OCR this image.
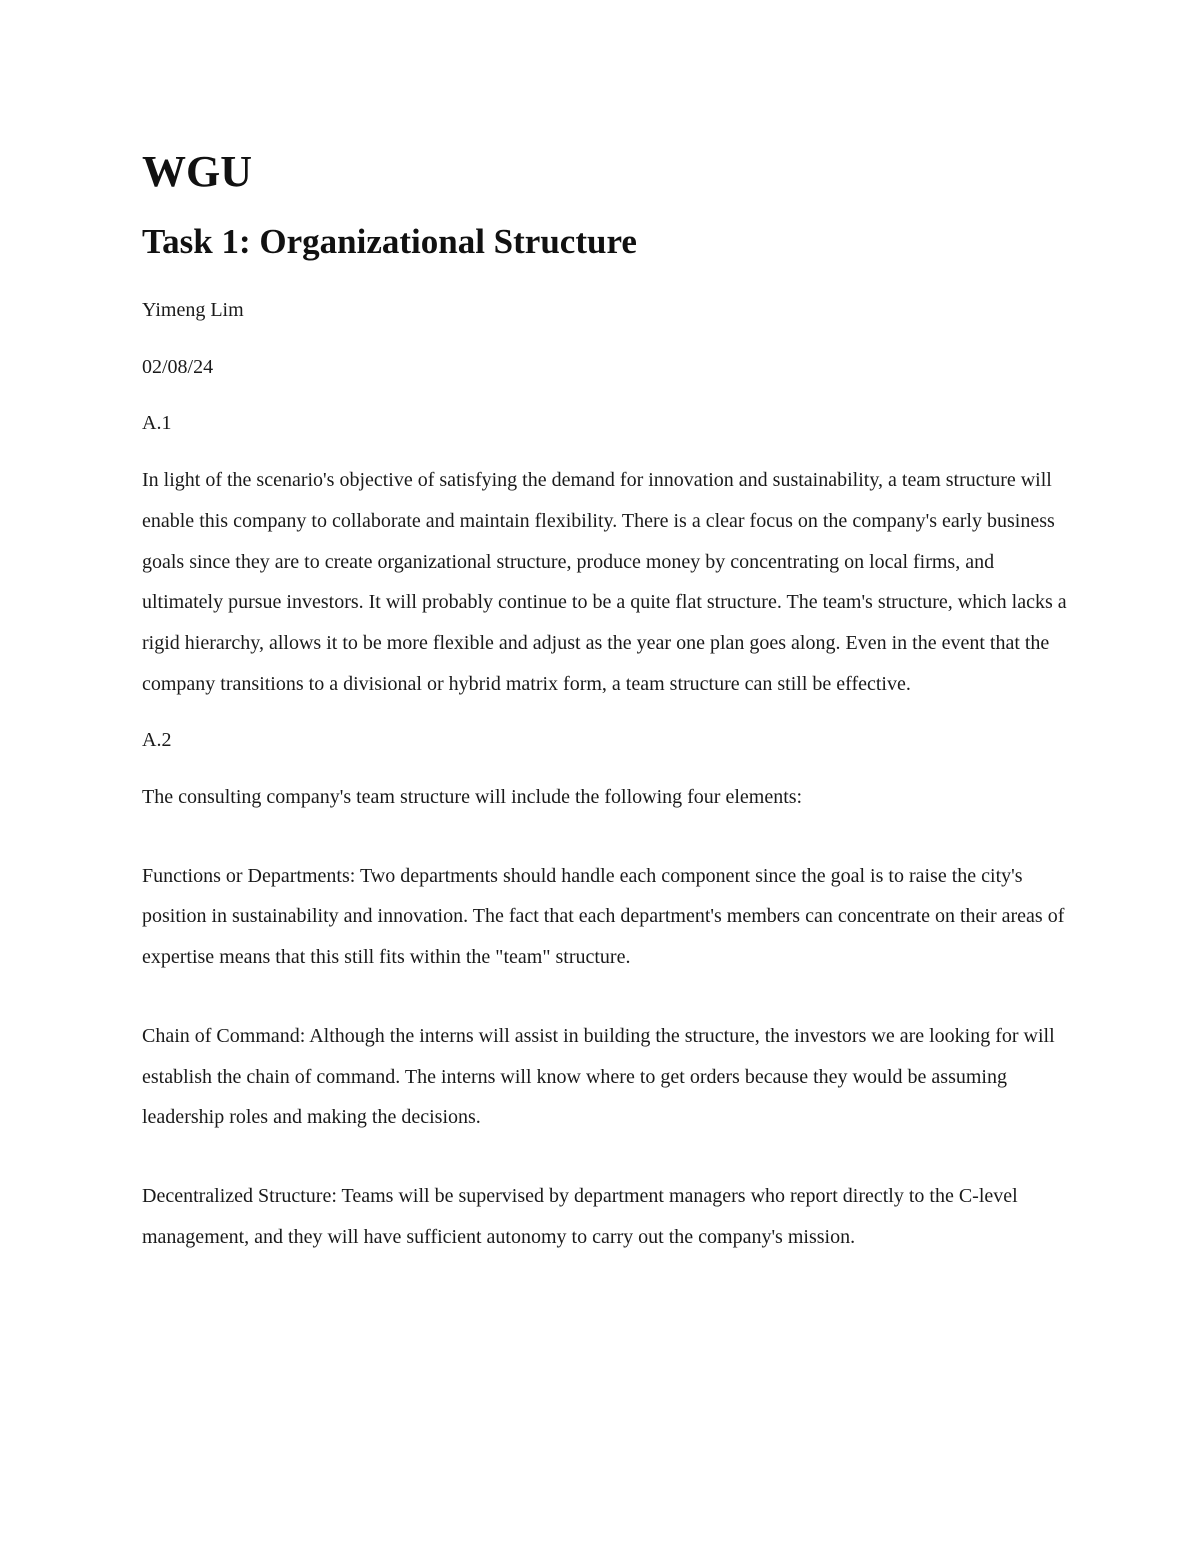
WGU
Task 1: Organizational Structure

Yimeng Lim

02/08/24

A.1

In light of the scenario's objective of satisfying the demand for innovation and sustainability, a team structure will enable this company to collaborate and maintain flexibility. There is a clear focus on the company's early business goals since they are to create organizational structure, produce money by concentrating on local firms, and ultimately pursue investors. It will probably continue to be a quite flat structure. The team's structure, which lacks a rigid hierarchy, allows it to be more flexible and adjust as the year one plan goes along. Even in the event that the company transitions to a divisional or hybrid matrix form, a team structure can still be effective.

A.2

The consulting company's team structure will include the following four elements:

Functions or Departments: Two departments should handle each component since the goal is to raise the city's position in sustainability and innovation. The fact that each department's members can concentrate on their areas of expertise means that this still fits within the "team" structure.

Chain of Command: Although the interns will assist in building the structure, the investors we are looking for will establish the chain of command. The interns will know where to get orders because they would be assuming leadership roles and making the decisions.

Decentralized Structure: Teams will be supervised by department managers who report directly to the C-level management, and they will have sufficient autonomy to carry out the company's mission.
